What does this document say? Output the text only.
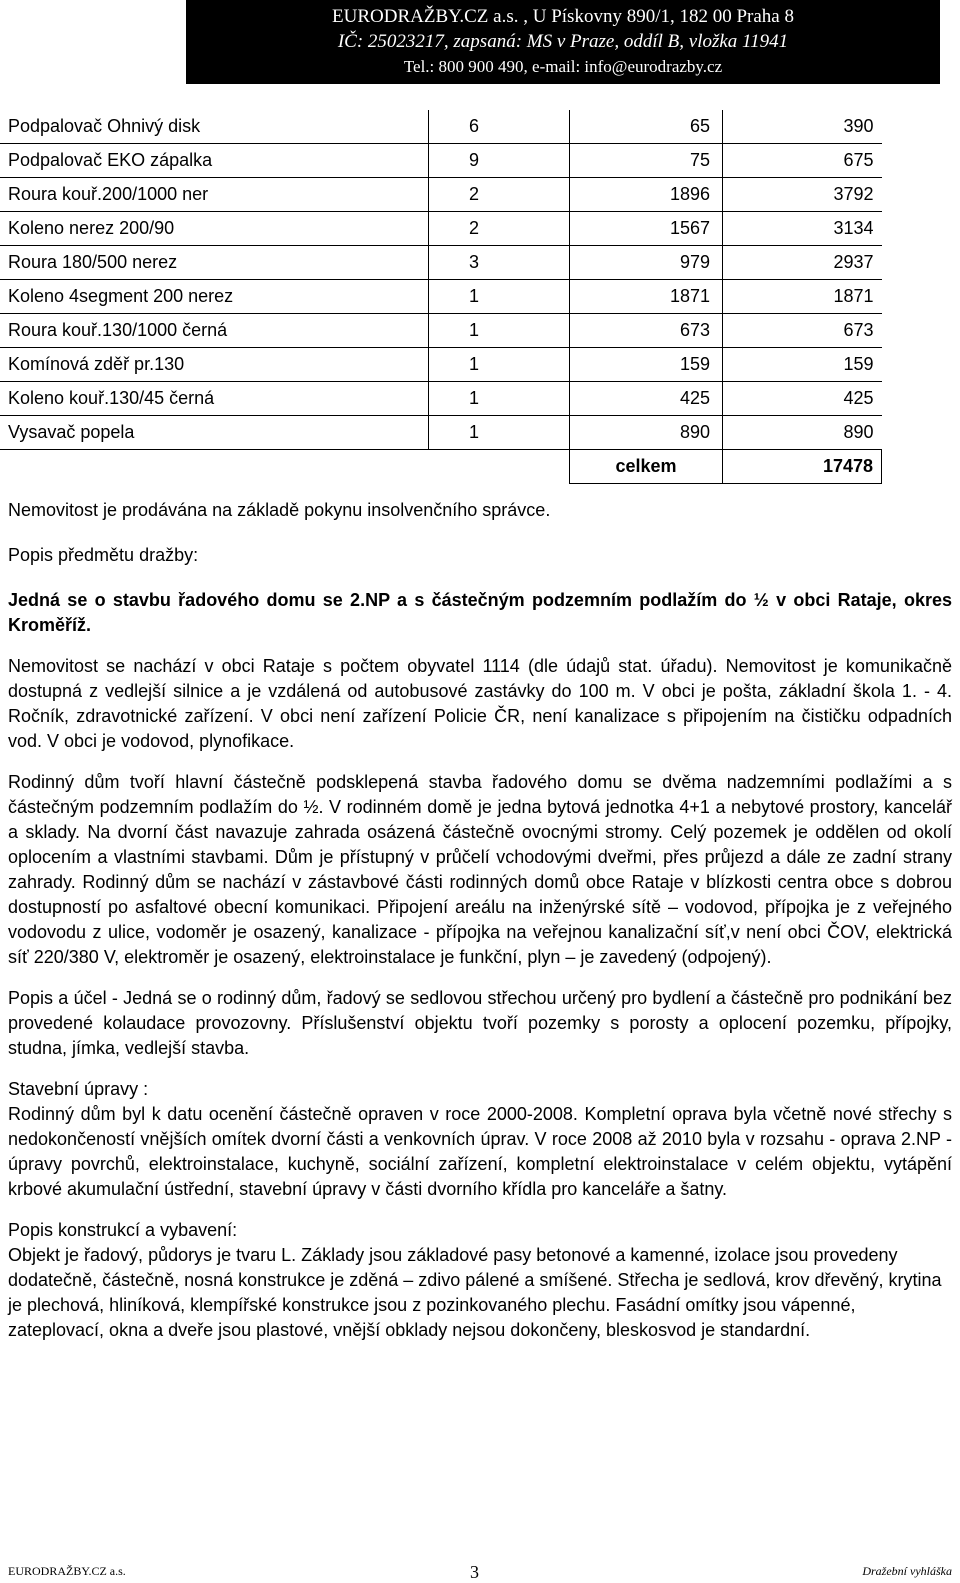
EURODRAŽBY.CZ a.s. , U Pískovny 890/1, 182 00 Praha 8
IČ: 25023217, zapsaná: MS v Praze, oddíl B, vložka 11941
Tel.: 800 900 490, e-mail: info@eurodrazby.cz
Podpalovač Ohnivý disk	6	65	390
Podpalovač EKO zápalka	9	75	675
Roura kouř.200/1000 ner	2	1896	3792
Koleno nerez 200/90	2	1567	3134
Roura 180/500 nerez	3	979	2937
Koleno 4segment 200 nerez	1	1871	1871
Roura kouř.130/1000 černá	1	673	673
Komínová zděř pr.130	1	159	159
Koleno kouř.130/45 černá	1	425	425
Vysavač popela	1	890	890
		celkem	17478

Nemovitost je prodávána na základě pokynu insolvenčního správce.

Popis předmětu dražby:

Jedná se o stavbu řadového domu se 2.NP a s částečným podzemním podlažím do ½ v obci Rataje, okres Kroměříž.

Nemovitost se nachází v obci Rataje s počtem obyvatel 1114 (dle údajů stat. úřadu). Nemovitost je komunikačně dostupná z vedlejší silnice a je vzdálená od autobusové zastávky do 100 m. V obci je pošta, základní škola 1. - 4. Ročník, zdravotnické zařízení. V obci není zařízení Policie ČR, není kanalizace s připojením na čističku odpadních vod. V obci je vodovod, plynofikace.

Rodinný dům tvoří hlavní částečně podsklepená stavba řadového domu se dvěma nadzemními podlažími a s částečným podzemním podlažím do ½. V rodinném domě je jedna bytová jednotka 4+1 a nebytové prostory, kancelář a sklady. Na dvorní část navazuje zahrada osázená částečně ovocnými stromy. Celý pozemek je oddělen od okolí oplocením a vlastními stavbami. Dům je přístupný v průčelí vchodovými dveřmi, přes průjezd a dále ze zadní strany zahrady. Rodinný dům se nachází v zástavbové části rodinných domů obce Rataje v blízkosti centra obce s dobrou dostupností po asfaltové obecní komunikaci. Připojení areálu na inženýrské sítě – vodovod, přípojka je z veřejného vodovodu z ulice, vodoměr je osazený, kanalizace - přípojka na veřejnou kanalizační síť,v není obci ČOV, elektrická síť 220/380 V, elektroměr je osazený, elektroinstalace je funkční, plyn – je zavedený (odpojený).

Popis a účel - Jedná se o rodinný dům, řadový se sedlovou střechou určený pro bydlení a částečně pro podnikání bez provedené kolaudace provozovny. Příslušenství objektu tvoří pozemky s porosty a oplocení pozemku, přípojky, studna, jímka, vedlejší stavba.

Stavební úpravy :

Rodinný dům byl k datu ocenění částečně opraven v roce 2000-2008. Kompletní oprava byla včetně nové střechy s nedokončeností vnějších omítek dvorní části a venkovních úprav. V roce 2008 až 2010 byla v rozsahu - oprava 2.NP - úpravy povrchů, elektroinstalace, kuchyně, sociální zařízení, kompletní elektroinstalace v celém objektu, vytápění krbové akumulační ústřední, stavební úpravy v části dvorního křídla pro kanceláře a šatny.

Popis konstrukcí a vybavení:

Objekt je řadový, půdorys je tvaru L. Základy jsou základové pasy betonové a kamenné, izolace jsou provedeny dodatečně, částečně, nosná konstrukce je zděná – zdivo pálené a smíšené. Střecha je sedlová, krov dřevěný, krytina je plechová, hliníková, klempířské konstrukce jsou z pozinkovaného plechu. Fasádní omítky jsou vápenné, zateplovací, okna a dveře jsou plastové, vnější obklady nejsou dokončeny, bleskosvod je standardní.

EURODRAŽBY.CZ a.s.	3	Dražební vyhláška
